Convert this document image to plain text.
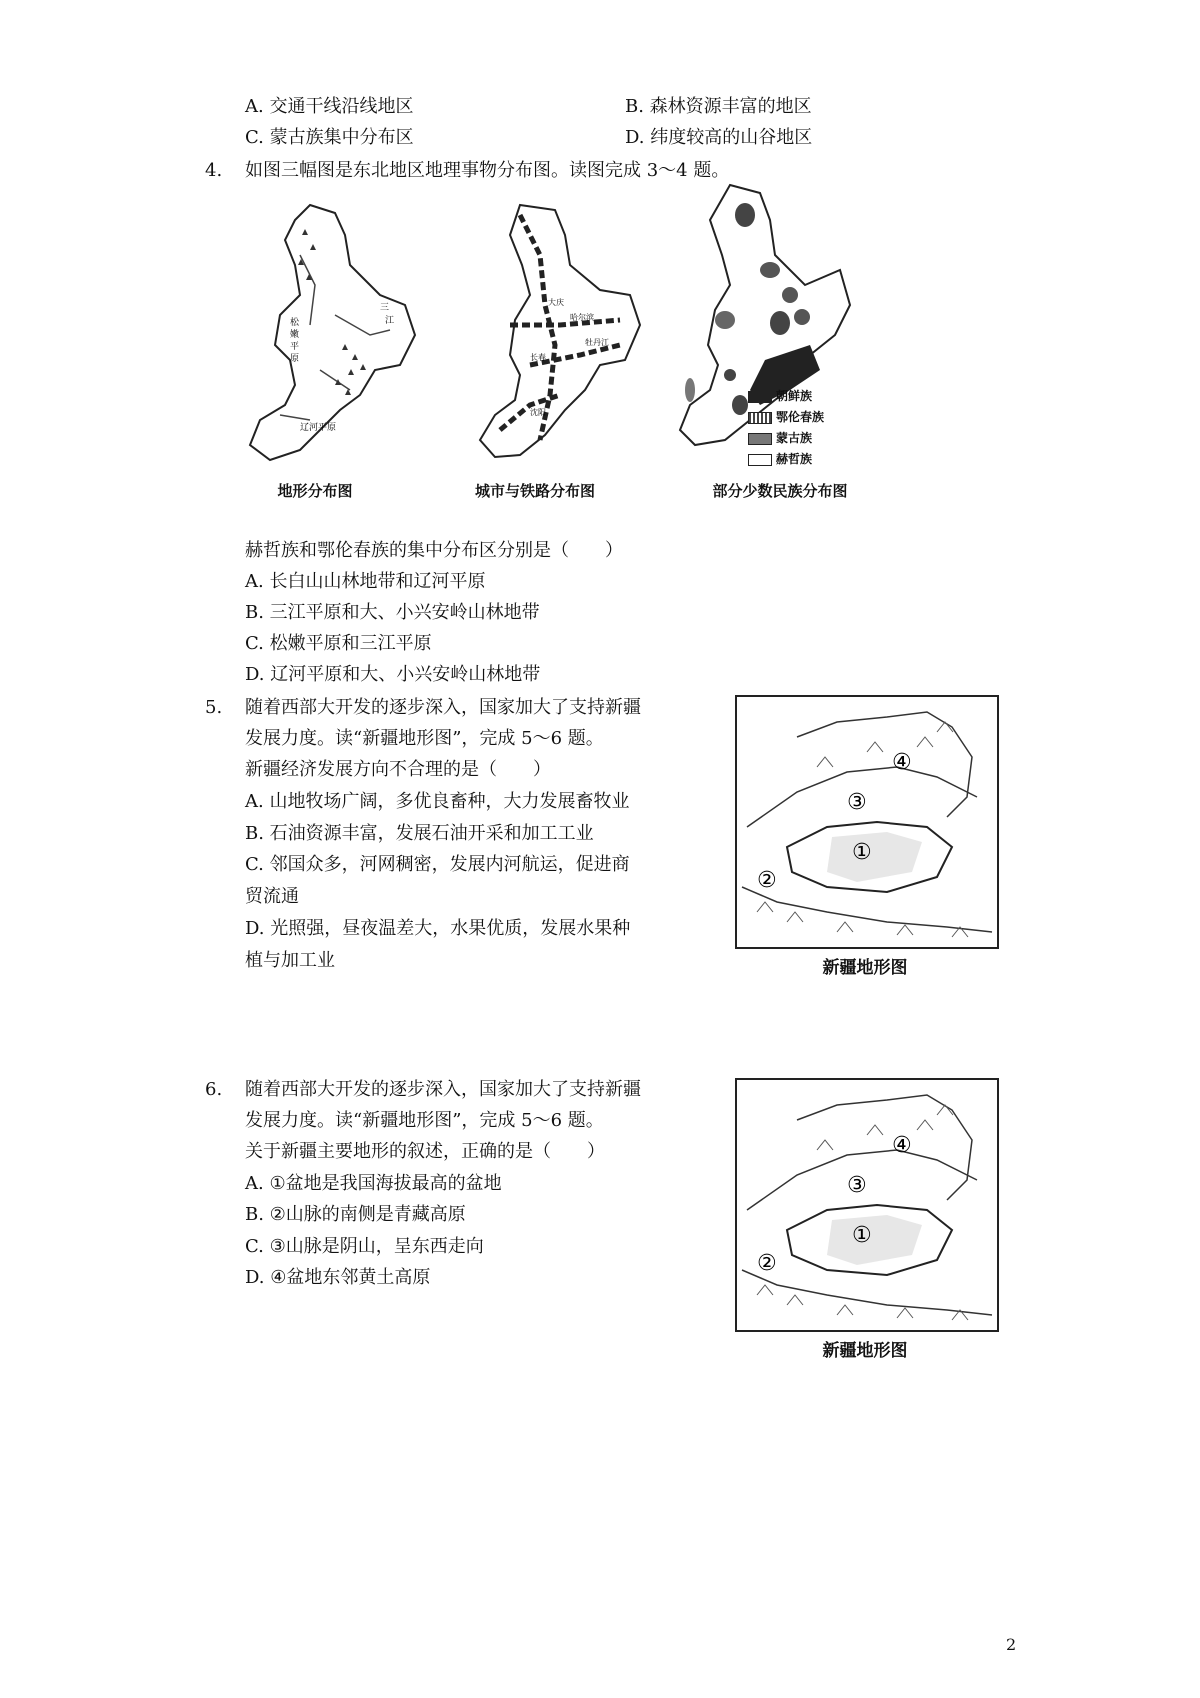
A. 交通干线沿线地区	B. 森林资源丰富的地区
C. 蒙古族集中分布区	D. 纬度较高的山谷地区
4. 如图三幅图是东北地区地理事物分布图。读图完成 3～4 题。
松
嫩
平
原
三
江
辽河平原
地形分布图
大庆
哈尔滨
长春
牡丹江
沈阳
城市与铁路分布图
朝鲜族
鄂伦春族
蒙古族
赫哲族
部分少数民族分布图
赫哲族和鄂伦春族的集中分布区分别是（　　）
A. 长白山山林地带和辽河平原
B. 三江平原和大、小兴安岭山林地带
C. 松嫩平原和三江平原
D. 辽河平原和大、小兴安岭山林地带
5. 随着西部大开发的逐步深入，国家加大了支持新疆
发展力度。读“新疆地形图”，完成 5～6 题。
新疆经济发展方向不合理的是（　　）
A. 山地牧场广阔，多优良畜种，大力发展畜牧业
B. 石油资源丰富，发展石油开采和加工工业
C. 邻国众多，河网稠密，发展内河航运，促进商
贸流通
D. 光照强，昼夜温差大，水果优质，发展水果种
植与加工业
①
②
③
④
新疆地形图
6. 随着西部大开发的逐步深入，国家加大了支持新疆
发展力度。读“新疆地形图”，完成 5～6 题。
关于新疆主要地形的叙述，正确的是（　　）
A. ①盆地是我国海拔最高的盆地
B. ②山脉的南侧是青藏高原
C. ③山脉是阴山，呈东西走向
D. ④盆地东邻黄土高原
①
②
③
④
新疆地形图
2
